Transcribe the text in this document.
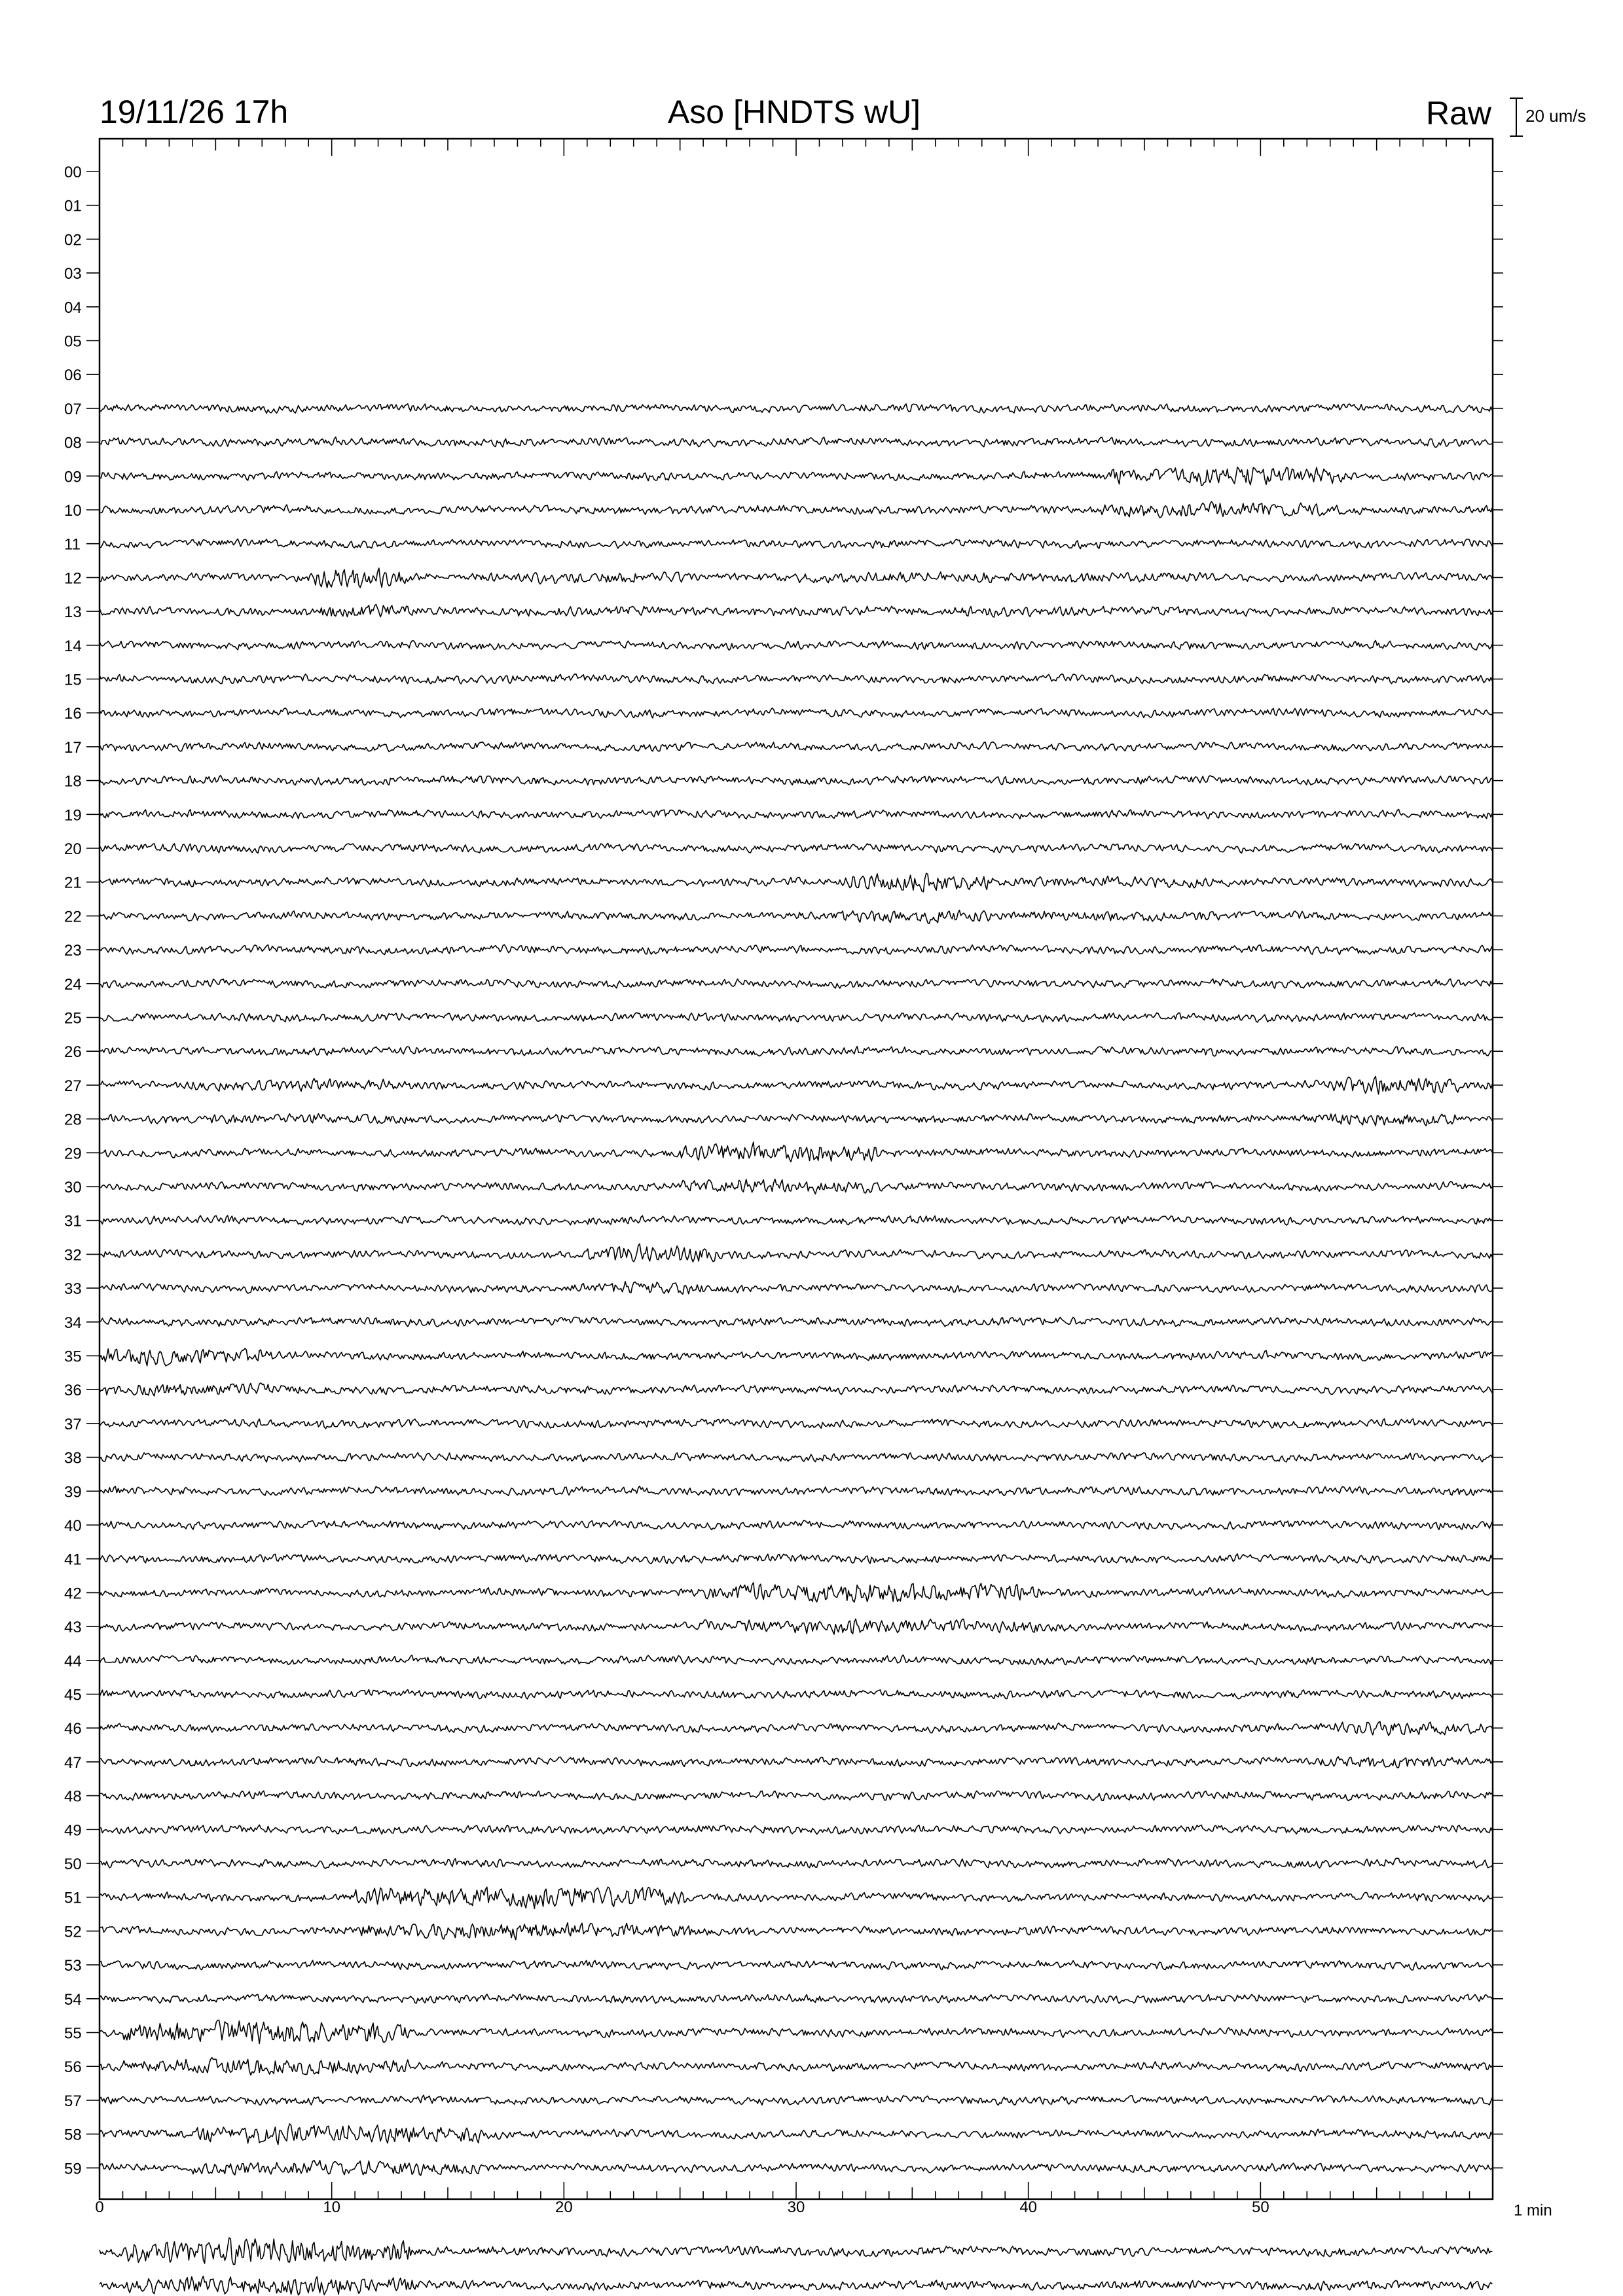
19/11/26 17h	Aso [HNDTS wU]	Raw 20 um/s
00
01
02
03
04
05
06
07
08
09
10
11
12
13
14
15
16
17
18
19
20
21
22
23
24
25
26
27
28
29
30
31
32
33
34
35
36
37
38
39
40
41
42
43
44
45
46
47
48
49
50
51
52
53
54
55
56
57
58
59
0	10	20	30	40	50	1 min
